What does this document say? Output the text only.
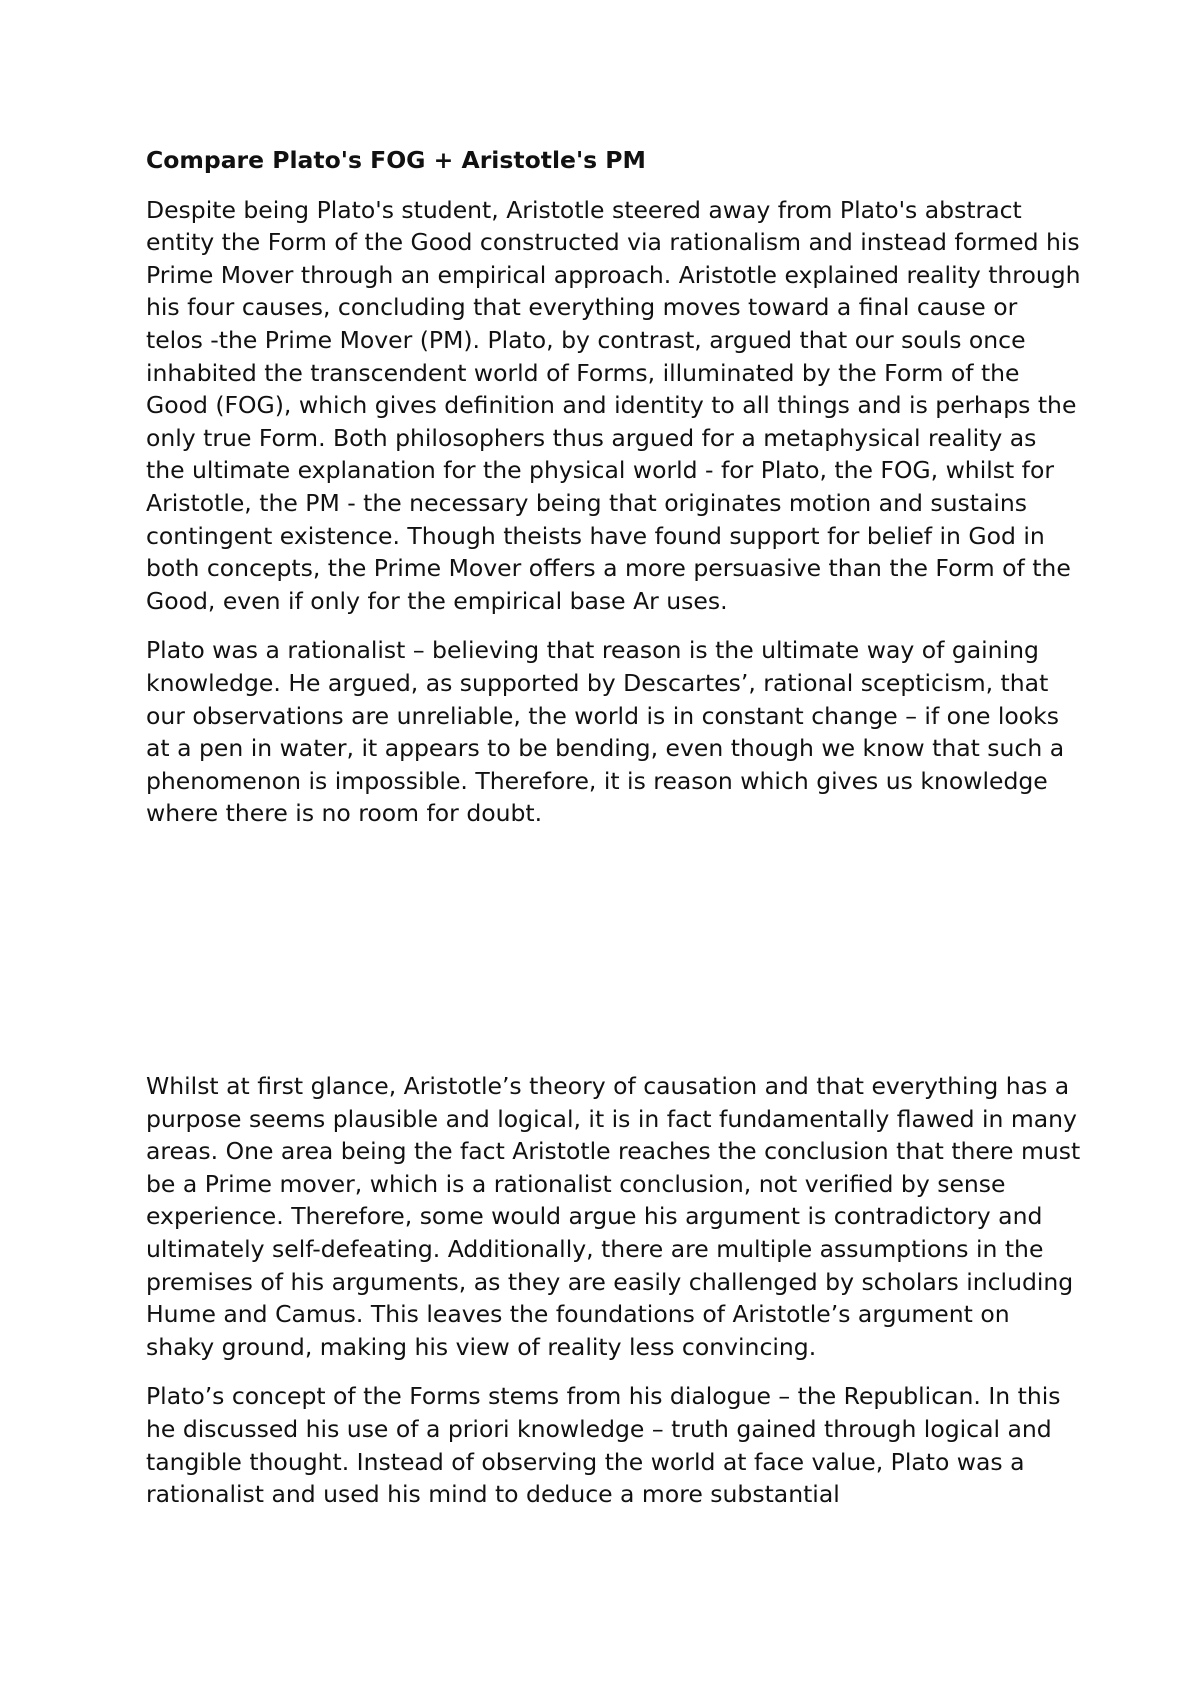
Compare Plato's FOG + Aristotle's PM

Despite being Plato's student, Aristotle steered away from Plato's abstract entity the Form of the Good constructed via rationalism and instead formed his Prime Mover through an empirical approach. Aristotle explained reality through his four causes, concluding that everything moves toward a final cause or telos -the Prime Mover (PM). Plato, by contrast, argued that our souls once inhabited the transcendent world of Forms, illuminated by the Form of the Good (FOG), which gives definition and identity to all things and is perhaps the only true Form. Both philosophers thus argued for a metaphysical reality as the ultimate explanation for the physical world - for Plato, the FOG, whilst for Aristotle, the PM - the necessary being that originates motion and sustains contingent existence. Though theists have found support for belief in God in both concepts, the Prime Mover offers a more persuasive than the Form of the Good, even if only for the empirical base Ar uses.

Plato was a rationalist – believing that reason is the ultimate way of gaining knowledge. He argued, as supported by Descartes’, rational scepticism, that our observations are unreliable, the world is in constant change – if one looks at a pen in water, it appears to be bending, even though we know that such a phenomenon is impossible. Therefore, it is reason which gives us knowledge where there is no room for doubt.

Whilst at first glance, Aristotle’s theory of causation and that everything has a purpose seems plausible and logical, it is in fact fundamentally flawed in many areas. One area being the fact Aristotle reaches the conclusion that there must be a Prime mover, which is a rationalist conclusion, not verified by sense experience. Therefore, some would argue his argument is contradictory and ultimately self-defeating. Additionally, there are multiple assumptions in the premises of his arguments, as they are easily challenged by scholars including Hume and Camus. This leaves the foundations of Aristotle’s argument on shaky ground, making his view of reality less convincing.

Plato’s concept of the Forms stems from his dialogue – the Republican. In this he discussed his use of a priori knowledge – truth gained through logical and tangible thought. Instead of observing the world at face value, Plato was a rationalist and used his mind to deduce a more substantial
